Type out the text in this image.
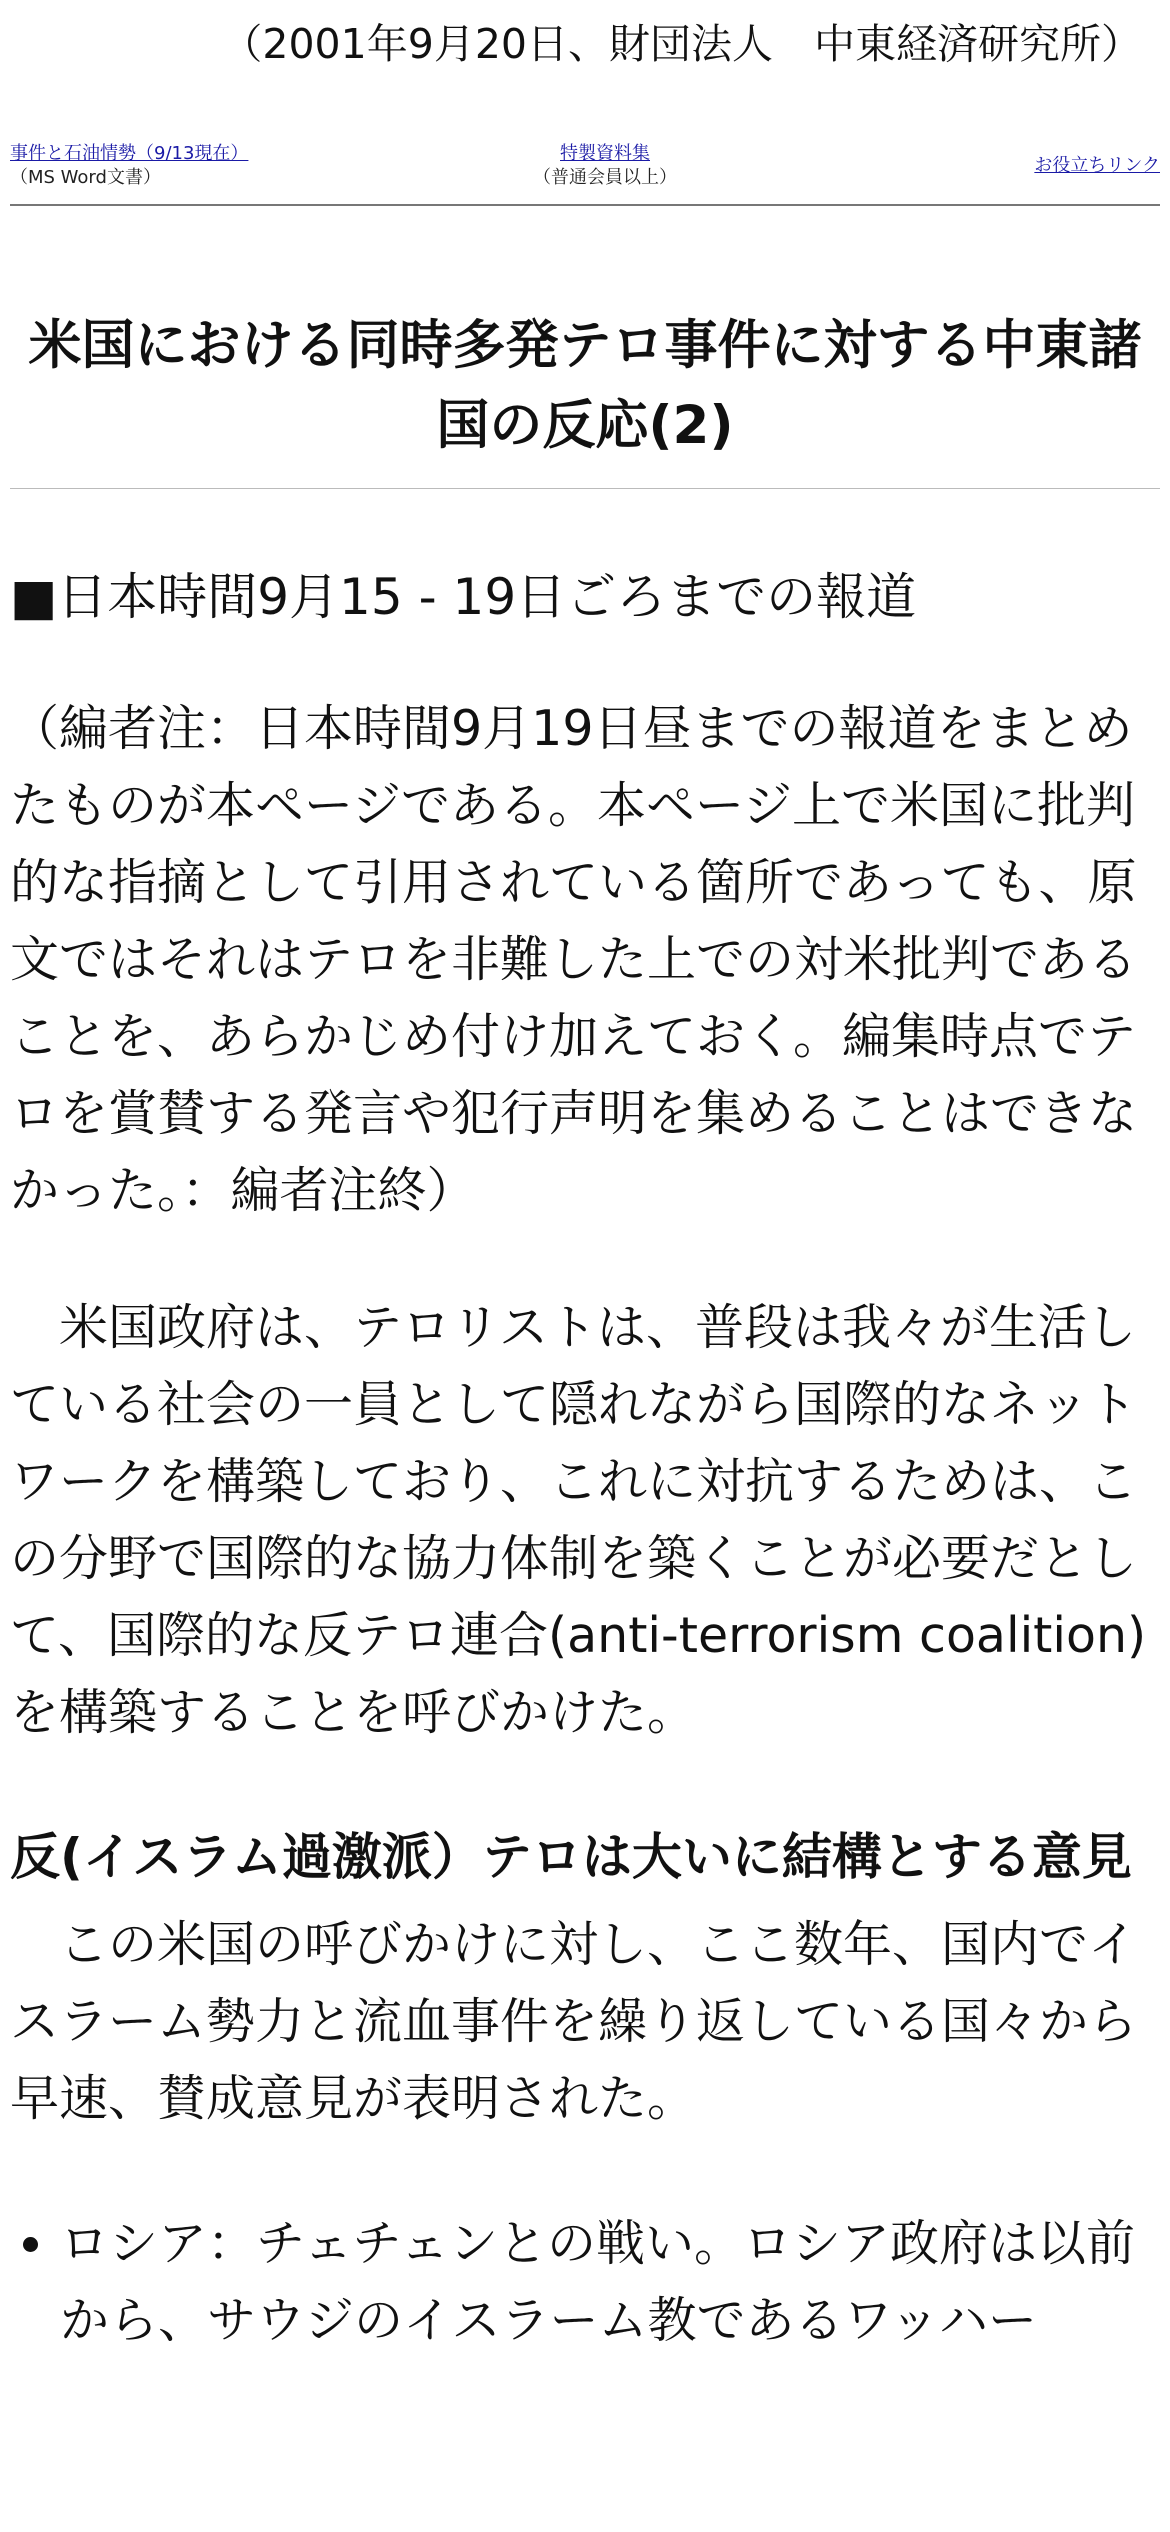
（2001年9月20日、財団法人　中東経済研究所）
事件と石油情勢（9/13現在）
（MS Word文書）
特製資料集
（普通会員以上）
お役立ちリンク
米国における同時多発テロ事件に対する中東諸国の反応(2)
■日本時間9月15 - 19日ごろまでの報道

（編者注：日本時間9月19日昼までの報道をまとめたものが本ページである。本ページ上で米国に批判的な指摘として引用されている箇所であっても、原文ではそれはテロを非難した上での対米批判であることを、あらかじめ付け加えておく。編集時点でテロを賞賛する発言や犯行声明を集めることはできなかった。：編者注終）

米国政府は、テロリストは、普段は我々が生活している社会の一員として隠れながら国際的なネットワークを構築しており、これに対抗するためは、この分野で国際的な協力体制を築くことが必要だとして、国際的な反テロ連合(anti-terrorism coalition)を構築することを呼びかけた。

反(イスラム過激派）テロは大いに結構とする意見

この米国の呼びかけに対し、ここ数年、国内でイスラーム勢力と流血事件を繰り返している国々から早速、賛成意見が表明された。

• ロシア：チェチェンとの戦い。ロシア政府は以前から、サウジのイスラーム教であるワッハー
